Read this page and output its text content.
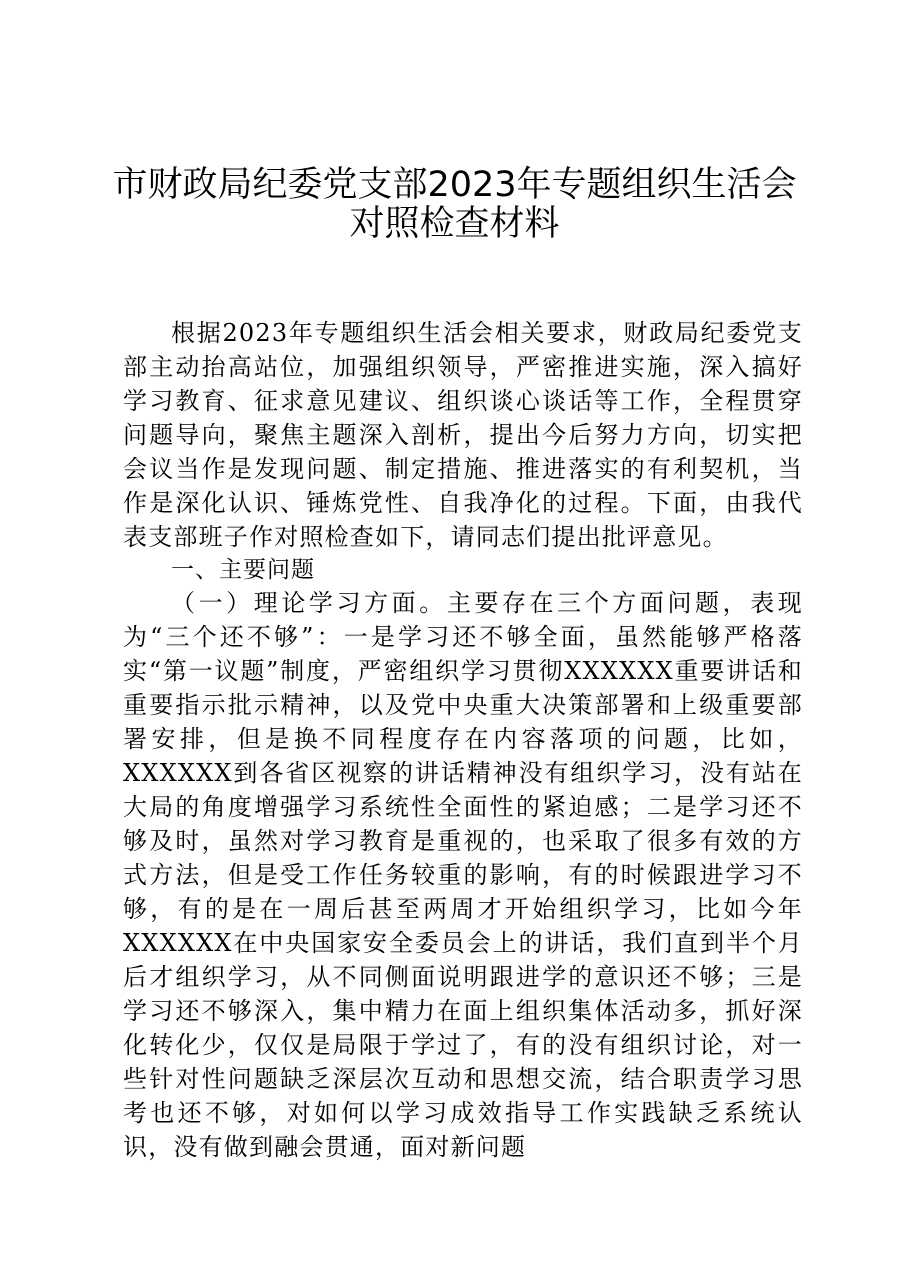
市财政局纪委党支部2023年专题组织生活会
对照检查材料

根据2023年专题组织生活会相关要求，财政局纪委党支部主动抬高站位，加强组织领导，严密推进实施，深入搞好学习教育、征求意见建议、组织谈心谈话等工作，全程贯穿问题导向，聚焦主题深入剖析，提出今后努力方向，切实把会议当作是发现问题、制定措施、推进落实的有利契机，当作是深化认识、锤炼党性、自我净化的过程。下面，由我代表支部班子作对照检查如下，请同志们提出批评意见。

一、主要问题

（一）理论学习方面。主要存在三个方面问题，表现为“三个还不够”：一是学习还不够全面，虽然能够严格落实“第一议题”制度，严密组织学习贯彻XXXXXX重要讲话和重要指示批示精神，以及党中央重大决策部署和上级重要部署安排，但是换不同程度存在内容落项的问题，比如，XXXXXX到各省区视察的讲话精神没有组织学习，没有站在大局的角度增强学习系统性全面性的紧迫感；二是学习还不够及时，虽然对学习教育是重视的，也采取了很多有效的方式方法，但是受工作任务较重的影响，有的时候跟进学习不够，有的是在一周后甚至两周才开始组织学习，比如今年XXXXXX在中央国家安全委员会上的讲话，我们直到半个月后才组织学习，从不同侧面说明跟进学的意识还不够；三是学习还不够深入，集中精力在面上组织集体活动多，抓好深化转化少，仅仅是局限于学过了，有的没有组织讨论，对一些针对性问题缺乏深层次互动和思想交流，结合职责学习思考也还不够，对如何以学习成效指导工作实践缺乏系统认识，没有做到融会贯通，面对新问题
